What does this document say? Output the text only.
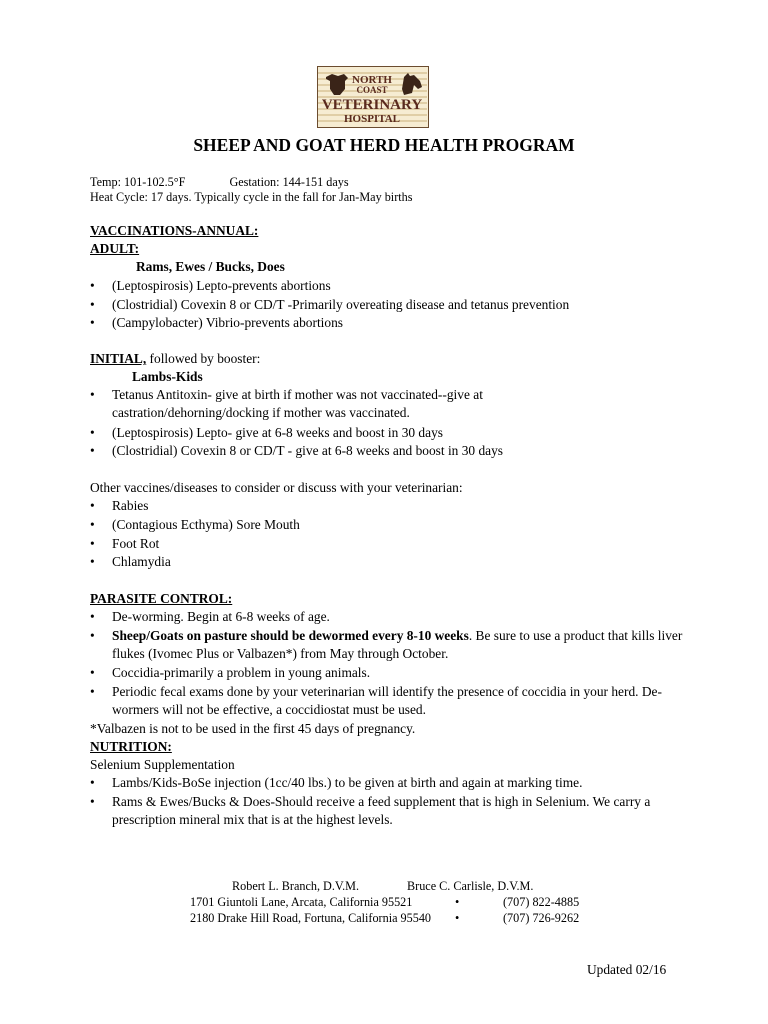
NORTH
COAST
VETERINARY
HOSPITAL
SHEEP AND GOAT HERD HEALTH PROGRAM
Temp: 101-102.5°F	Gestation: 144-151 days
Heat Cycle: 17 days. Typically cycle in the fall for Jan-May births
VACCINATIONS-ANNUAL:
ADULT:
Rams, Ewes / Bucks, Does
•	(Leptospirosis) Lepto-prevents abortions
•	(Clostridial) Covexin 8 or CD/T -Primarily overeating disease and tetanus prevention
•	(Campylobacter) Vibrio-prevents abortions
INITIAL, followed by booster:
Lambs-Kids
•	Tetanus Antitoxin- give at birth if mother was not vaccinated--give at castration/dehorning/docking if mother was vaccinated.
•	(Leptospirosis) Lepto- give at 6-8 weeks and boost in 30 days
•	(Clostridial) Covexin 8 or CD/T - give at 6-8 weeks and boost in 30 days
Other vaccines/diseases to consider or discuss with your veterinarian:
•	Rabies
•	(Contagious Ecthyma) Sore Mouth
•	Foot Rot
•	Chlamydia
PARASITE CONTROL:
•	De-worming. Begin at 6-8 weeks of age.
•	Sheep/Goats on pasture should be dewormed every 8-10 weeks. Be sure to use a product that kills liver flukes (Ivomec Plus or Valbazen*) from May through October.
•	Coccidia-primarily a problem in young animals.
•	Periodic fecal exams done by your veterinarian will identify the presence of coccidia in your herd. De-wormers will not be effective, a coccidiostat must be used.
*Valbazen is not to be used in the first 45 days of pregnancy.
NUTRITION:
Selenium Supplementation
•	Lambs/Kids-BoSe injection (1cc/40 lbs.) to be given at birth and again at marking time.
•	Rams & Ewes/Bucks & Does-Should receive a feed supplement that is high in Selenium. We carry a prescription mineral mix that is at the highest levels.
Robert L. Branch, D.V.M.	Bruce C. Carlisle, D.V.M.
1701 Giuntoli Lane, Arcata, California 95521	•	(707) 822-4885
2180 Drake Hill Road, Fortuna, California 95540 •	(707) 726-9262
Updated 02/16
